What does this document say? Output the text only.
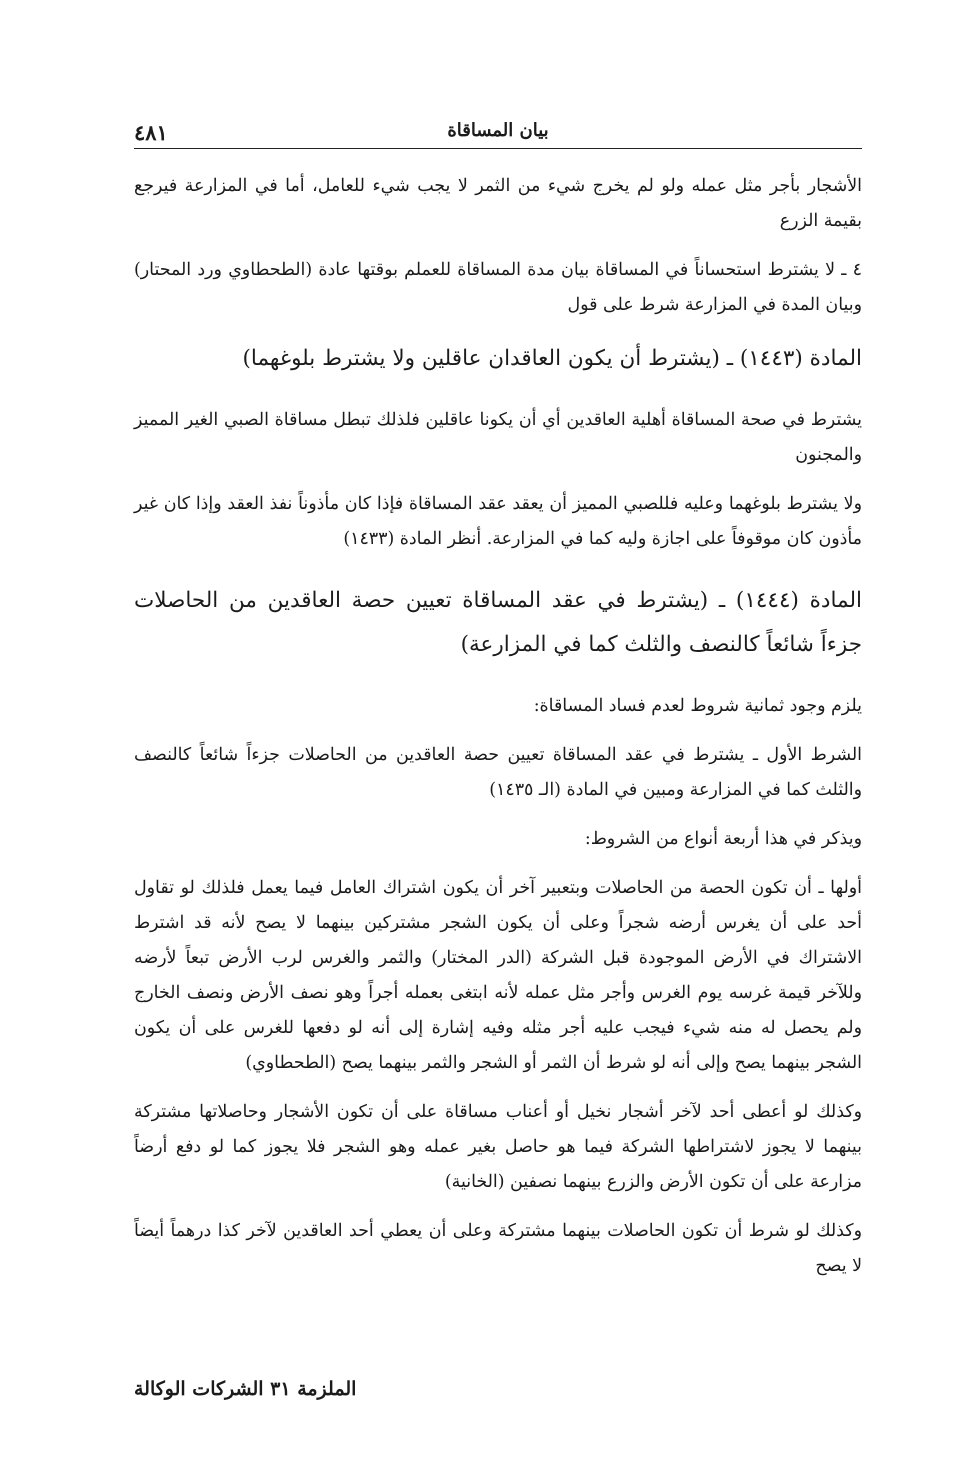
٤٨١	بيان المساقاة

الأشجار بأجر مثل عمله ولو لم يخرج شيء من الثمر لا يجب شيء للعامل، أما في المزارعة فيرجع بقيمة الزرع

٤ ـ لا يشترط استحساناً في المساقاة بيان مدة المساقاة للعملم بوقتها عادة (الطحطاوي ورد المحتار) وبيان المدة في المزارعة شرط على قول

المادة (١٤٤٣) ـ (يشترط أن يكون العاقدان عاقلين ولا يشترط بلوغهما)

يشترط في صحة المساقاة أهلية العاقدين أي أن يكونا عاقلين فلذلك تبطل مساقاة الصبي الغير المميز والمجنون

ولا يشترط بلوغهما وعليه فللصبي المميز أن يعقد عقد المساقاة فإذا كان مأذوناً نفذ العقد وإذا كان غير مأذون كان موقوفاً على اجازة وليه كما في المزارعة. أنظر المادة (١٤٣٣)

المادة (١٤٤٤) ـ (يشترط في عقد المساقاة تعيين حصة العاقدين من الحاصلات جزءاً شائعاً كالنصف والثلث كما في المزارعة)

يلزم وجود ثمانية شروط لعدم فساد المساقاة:

الشرط الأول ـ يشترط في عقد المساقاة تعيين حصة العاقدين من الحاصلات جزءاً شائعاً كالنصف والثلث كما في المزارعة ومبين في المادة (الـ ١٤٣٥)

ويذكر في هذا أربعة أنواع من الشروط:

أولها ـ أن تكون الحصة من الحاصلات وبتعبير آخر أن يكون اشتراك العامل فيما يعمل فلذلك لو تقاول أحد على أن يغرس أرضه شجراً وعلى أن يكون الشجر مشتركين بينهما لا يصح لأنه قد اشترط الاشتراك في الأرض الموجودة قبل الشركة (الدر المختار) والثمر والغرس لرب الأرض تبعاً لأرضه وللآخر قيمة غرسه يوم الغرس وأجر مثل عمله لأنه ابتغى بعمله أجراً وهو نصف الأرض ونصف الخارج ولم يحصل له منه شيء فيجب عليه أجر مثله وفيه إشارة إلى أنه لو دفعها للغرس على أن يكون الشجر بينهما يصح وإلى أنه لو شرط أن الثمر أو الشجر والثمر بينهما يصح (الطحطاوي)

وكذلك لو أعطى أحد لآخر أشجار نخيل أو أعناب مساقاة على أن تكون الأشجار وحاصلاتها مشتركة بينهما لا يجوز لاشتراطها الشركة فيما هو حاصل بغير عمله وهو الشجر فلا يجوز كما لو دفع أرضاً مزارعة على أن تكون الأرض والزرع بينهما نصفين (الخانية)

وكذلك لو شرط أن تكون الحاصلات بينهما مشتركة وعلى أن يعطي أحد العاقدين لآخر كذا درهماً أيضاً لا يصح

الملزمة ٣١ الشركات الوكالة
